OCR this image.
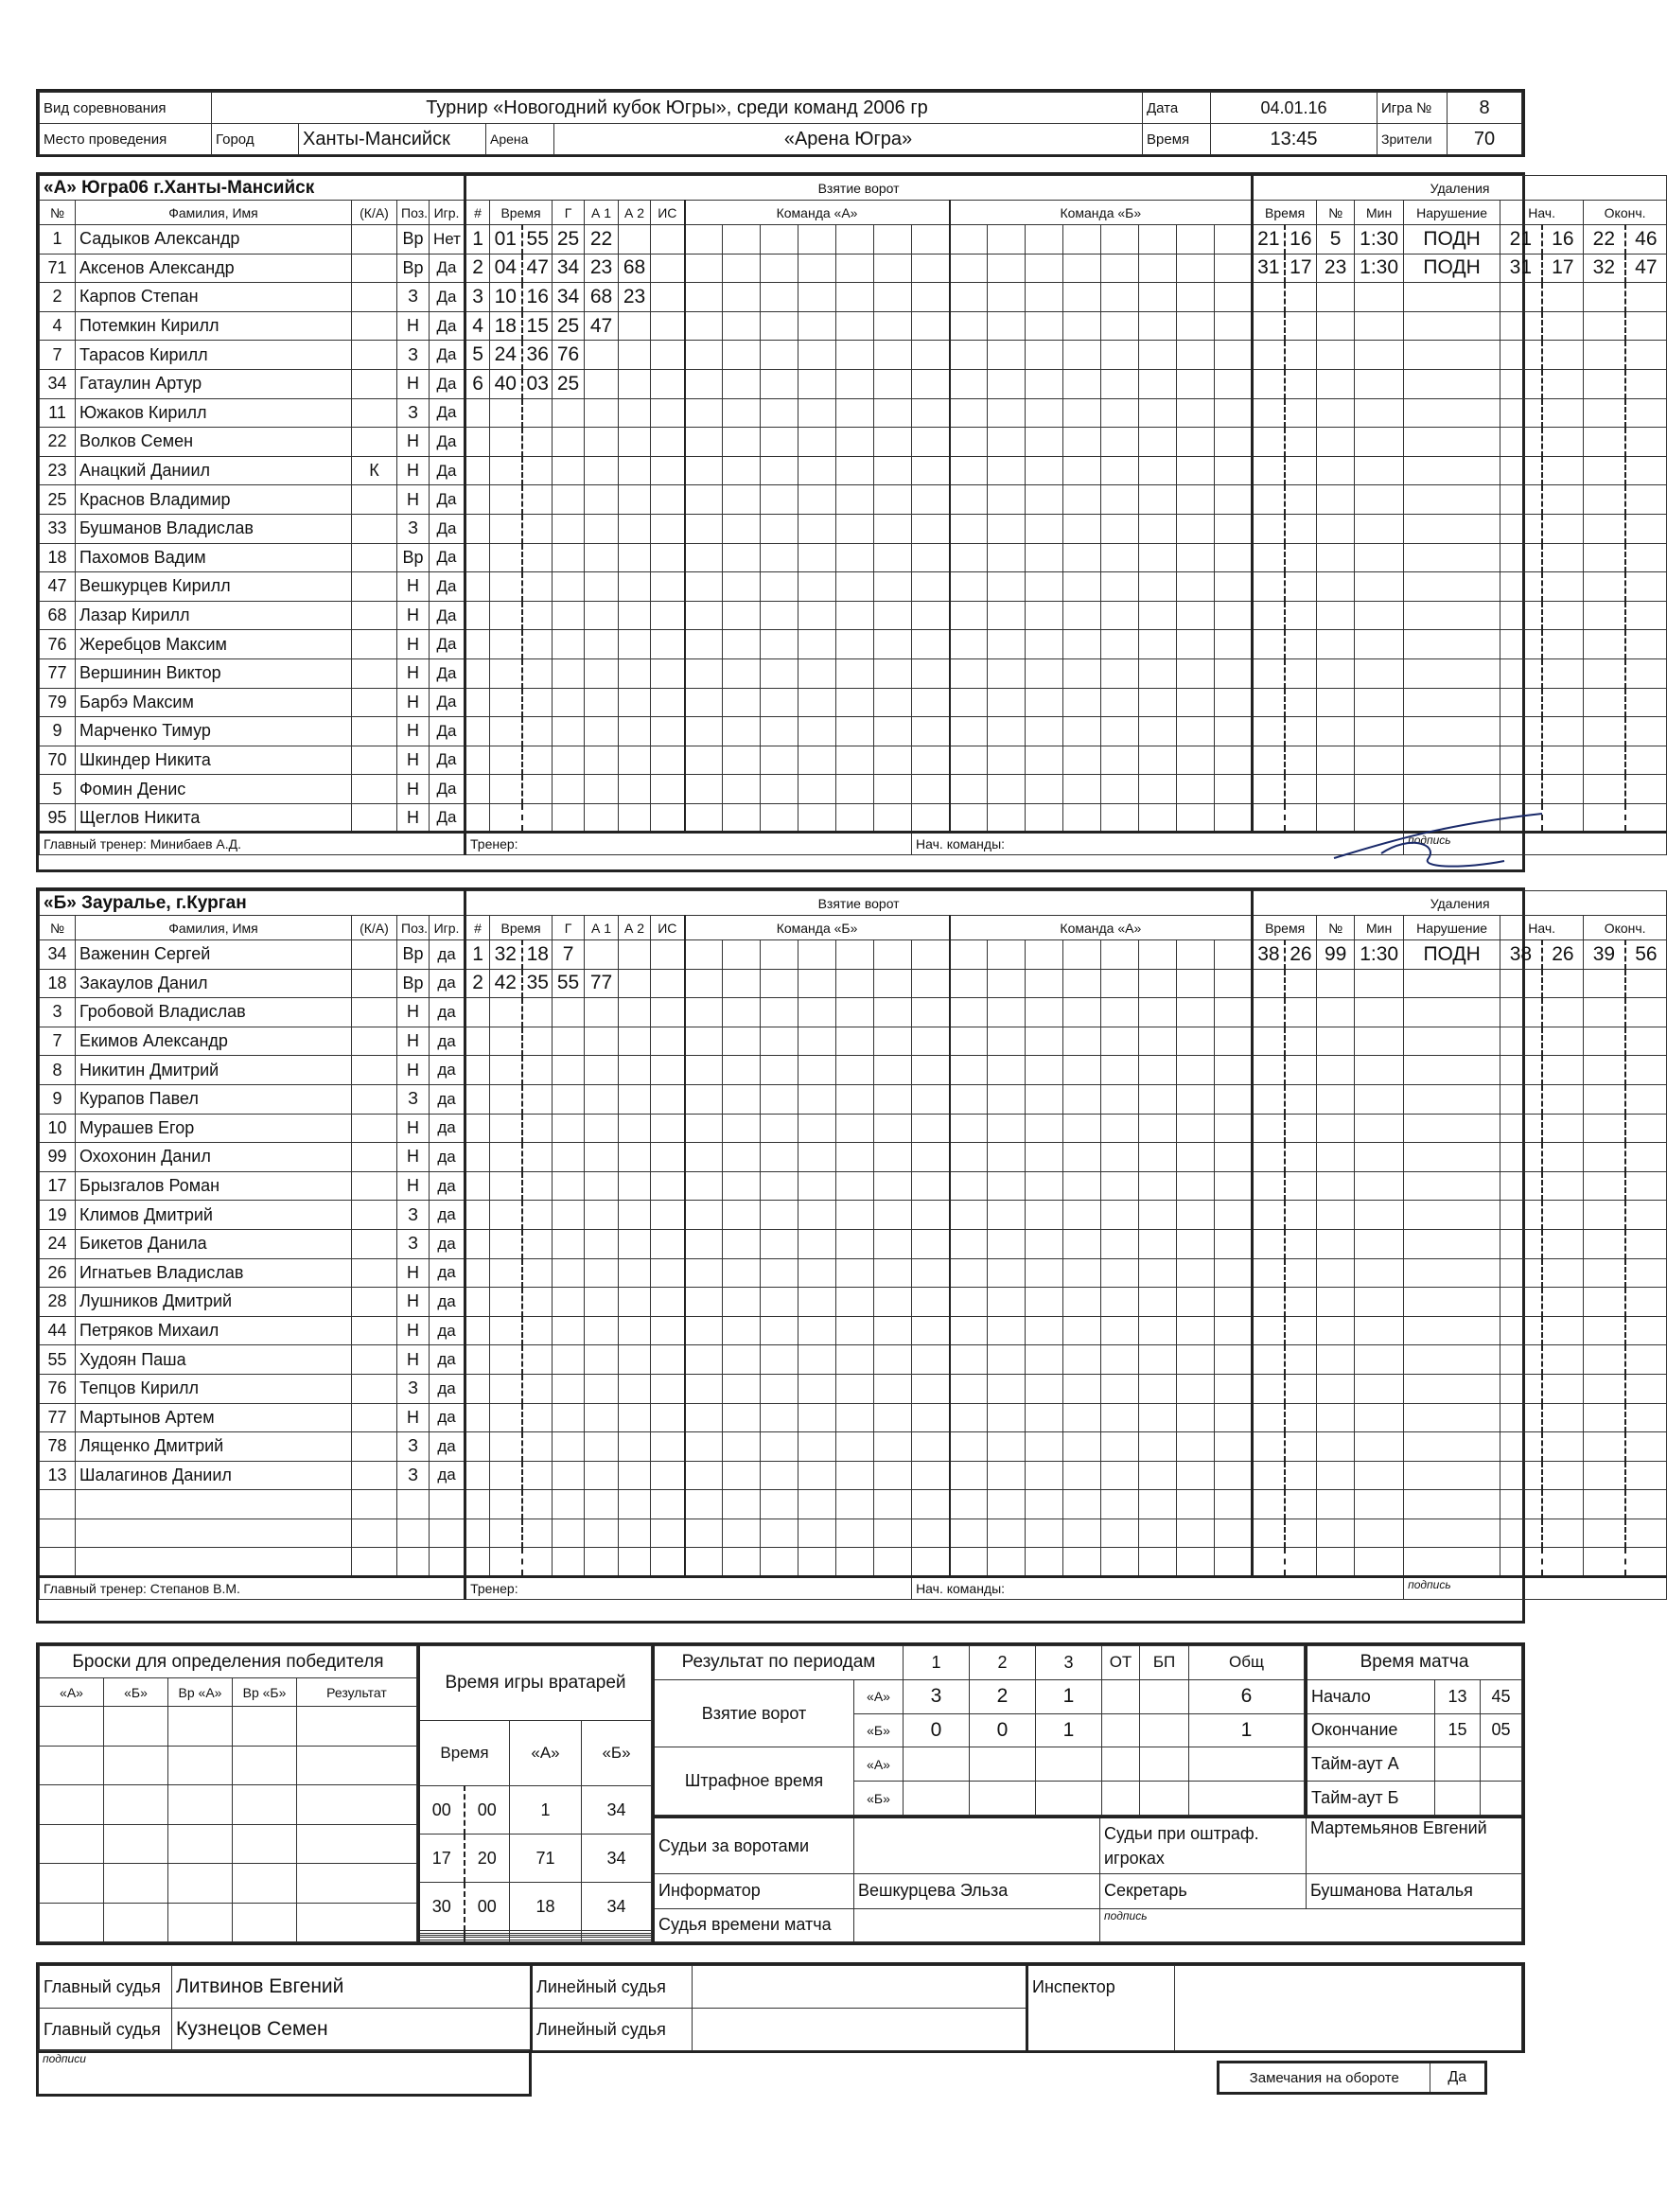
Вид соревнования	Турнир «Новогодний кубок Югры», среди команд 2006 гр				Дата	04.01.16	Игра №	8
Место проведения	Город	Ханты-Мансийск	Арена	«Арена Югра»	Время	13:45	Зрители	70
«А» Югра06 г.Ханты-Мансийск					Взятие ворот																						Удаления								
№	Фамилия, Имя	(К/А)	Поз.	Игр.	#	Время		Г	А 1	А 2	ИС	Команда «А»							Команда «Б»								Время		№	Мин	Нарушение	Нач.		Оконч.	
1	Садыков Александр		Вр	Нет	1	01	55	25	22																		21	16	5	1:30	ПОДН	21	16	22	46
71	Аксенов Александр		Вр	Да	2	04	47	34	23	68																	31	17	23	1:30	ПОДН	31	17	32	47
2	Карпов Степан		З	Да	3	10	16	34	68	23																									
4	Потемкин Кирилл		Н	Да	4	18	15	25	47																										
7	Тарасов Кирилл		З	Да	5	24	36	76																											
34	Гатаулин Артур		Н	Да	6	40	03	25																											
11	Южаков Кирилл		З	Да																															
22	Волков Семен		Н	Да																															
23	Анацкий Даниил	К	Н	Да																															
25	Краснов Владимир		Н	Да																															
33	Бушманов Владислав		З	Да																															
18	Пахомов Вадим		Вр	Да																															
47	Вешкурцев Кирилл		Н	Да																															
68	Лазар Кирилл		Н	Да																															
76	Жеребцов Максим		Н	Да																															
77	Вершинин Виктор		Н	Да																															
79	Барбэ Максим		Н	Да																															
9	Марченко Тимур		Н	Да																															
70	Шкиндер Никита		Н	Да																															
5	Фомин Денис		Н	Да																															
95	Щеглов Никита		Н	Да																															
Главный тренер: Минибаев А.Д.					Тренер:													Нач. команды:													подпись				
«Б» Зауралье, г.Курган					Взятие ворот																						Удаления								
№	Фамилия, Имя	(К/А)	Поз.	Игр.	#	Время		Г	А 1	А 2	ИС	Команда «Б»							Команда «А»								Время		№	Мин	Нарушение	Нач.		Оконч.	
34	Важенин Сергей		Вр	да	1	32	18	7																			38	26	99	1:30	ПОДН	38	26	39	56
18	Закаулов Данил		Вр	да	2	42	35	55	77																										
3	Гробовой Владислав		Н	да																															
7	Екимов Александр		Н	да																															
8	Никитин Дмитрий		Н	да																															
9	Курапов Павел		З	да																															
10	Мурашев Егор		Н	да																															
99	Охохонин Данил		Н	да																															
17	Брызгалов Роман		Н	да																															
19	Климов Дмитрий		З	да																															
24	Бикетов Данила		З	да																															
26	Игнатьев Владислав		Н	да																															
28	Лушников Дмитрий		Н	да																															
44	Петряков Михаил		Н	да																															
55	Худоян Паша		Н	да																															
76	Тепцов Кирилл		З	да																															
77	Мартынов Артем		Н	да																															
78	Лященко Дмитрий		З	да																															
13	Шалагинов Даниил		З	да																															

Главный тренер: Степанов В.М.					Тренер:													Нач. команды:													подпись				
Броски для определения победителя				
«А»	«Б»	Вр «А»	Вр «Б»	Результат

					Время игры вратарей			
Время		«А»	«Б»
00	00	1	34
17	20	71	34
30	00	18	34

Результат по периодам		1	2	3	ОТ	БП	Общ
Взятие ворот	«А»	3	2	1			6
	«Б»	0	0	1			1
Штрафное время	«А»						
	«Б»						
Время матча		
Начало	13	45
Окончание	15	05
Тайм-аут А		
Тайм-аут Б		
Судьи за воротами		Судьи при оштраф. игроках	Мартемьянов Евгений
Информатор	Вешкурцева Эльза	Секретарь	Бушманова Наталья
Судья времени матча		подпись	
Главный судья	Литвинов Евгений	Линейный судья		Инспектор	
Главный судья	Кузнецов Семен	Линейный судья			
подписи
Замечания на обороте	Да
